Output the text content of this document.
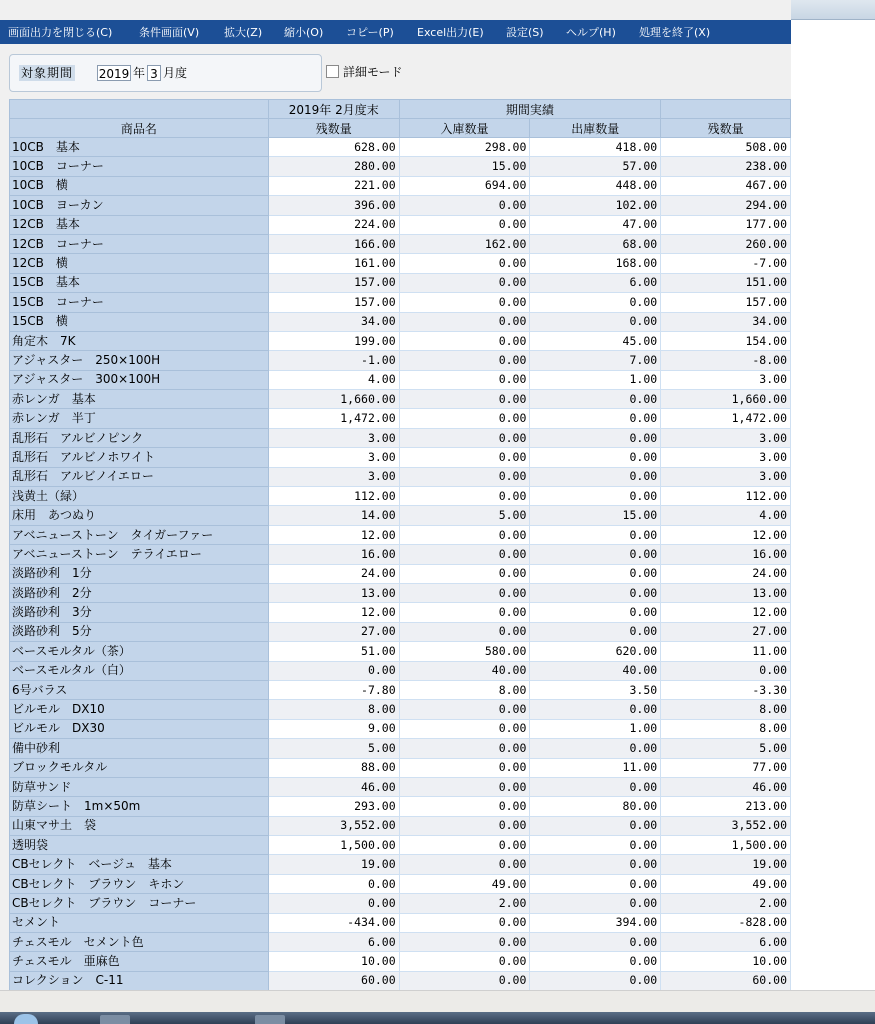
画面出力を閉じる(C) 条件画面(V) 拡大(Z) 縮小(O) コピー(P) Excel出力(E) 設定(S) ヘルプ(H) 処理を終了(X)
対象期間 2019 年 3 月度	詳細モード
	2019年 2月度末	期間実績		
商品名	残数量	入庫数量	出庫数量	残数量
10CB　基本	628.00	298.00	418.00	508.00
10CB　コーナー	280.00	15.00	57.00	238.00
10CB　横	221.00	694.00	448.00	467.00
10CB　ヨーカン	396.00	0.00	102.00	294.00
12CB　基本	224.00	0.00	47.00	177.00
12CB　コーナー	166.00	162.00	68.00	260.00
12CB　横	161.00	0.00	168.00	-7.00
15CB　基本	157.00	0.00	6.00	151.00
15CB　コーナー	157.00	0.00	0.00	157.00
15CB　横	34.00	0.00	0.00	34.00
角定木　7K	199.00	0.00	45.00	154.00
アジャスター　250×100H	-1.00	0.00	7.00	-8.00
アジャスター　300×100H	4.00	0.00	1.00	3.00
赤レンガ　基本	1,660.00	0.00	0.00	1,660.00
赤レンガ　半丁	1,472.00	0.00	0.00	1,472.00
乱形石　アルビノピンク	3.00	0.00	0.00	3.00
乱形石　アルビノホワイト	3.00	0.00	0.00	3.00
乱形石　アルビノイエロー	3.00	0.00	0.00	3.00
浅黄土（緑）	112.00	0.00	0.00	112.00
床用　あつぬり	14.00	5.00	15.00	4.00
アベニューストーン　タイガーファー	12.00	0.00	0.00	12.00
アベニューストーン　テライエロー	16.00	0.00	0.00	16.00
淡路砂利　1分	24.00	0.00	0.00	24.00
淡路砂利　2分	13.00	0.00	0.00	13.00
淡路砂利　3分	12.00	0.00	0.00	12.00
淡路砂利　5分	27.00	0.00	0.00	27.00
ベースモルタル（茶）	51.00	580.00	620.00	11.00
ベースモルタル（白）	0.00	40.00	40.00	0.00
6号バラス	-7.80	8.00	3.50	-3.30
ビルモル　DX10	8.00	0.00	0.00	8.00
ビルモル　DX30	9.00	0.00	1.00	8.00
備中砂利	5.00	0.00	0.00	5.00
ブロックモルタル	88.00	0.00	11.00	77.00
防草サンド	46.00	0.00	0.00	46.00
防草シート　1m×50m	293.00	0.00	80.00	213.00
山東マサ土　袋	3,552.00	0.00	0.00	3,552.00
透明袋	1,500.00	0.00	0.00	1,500.00
CBセレクト　ベージュ　基本	19.00	0.00	0.00	19.00
CBセレクト　ブラウン　キホン	0.00	49.00	0.00	49.00
CBセレクト　ブラウン　コーナー	0.00	2.00	0.00	2.00
セメント	-434.00	0.00	394.00	-828.00
チェスモル　セメント色	6.00	0.00	0.00	6.00
チェスモル　亜麻色	10.00	0.00	0.00	10.00
コレクション　C-11	60.00	0.00	0.00	60.00
